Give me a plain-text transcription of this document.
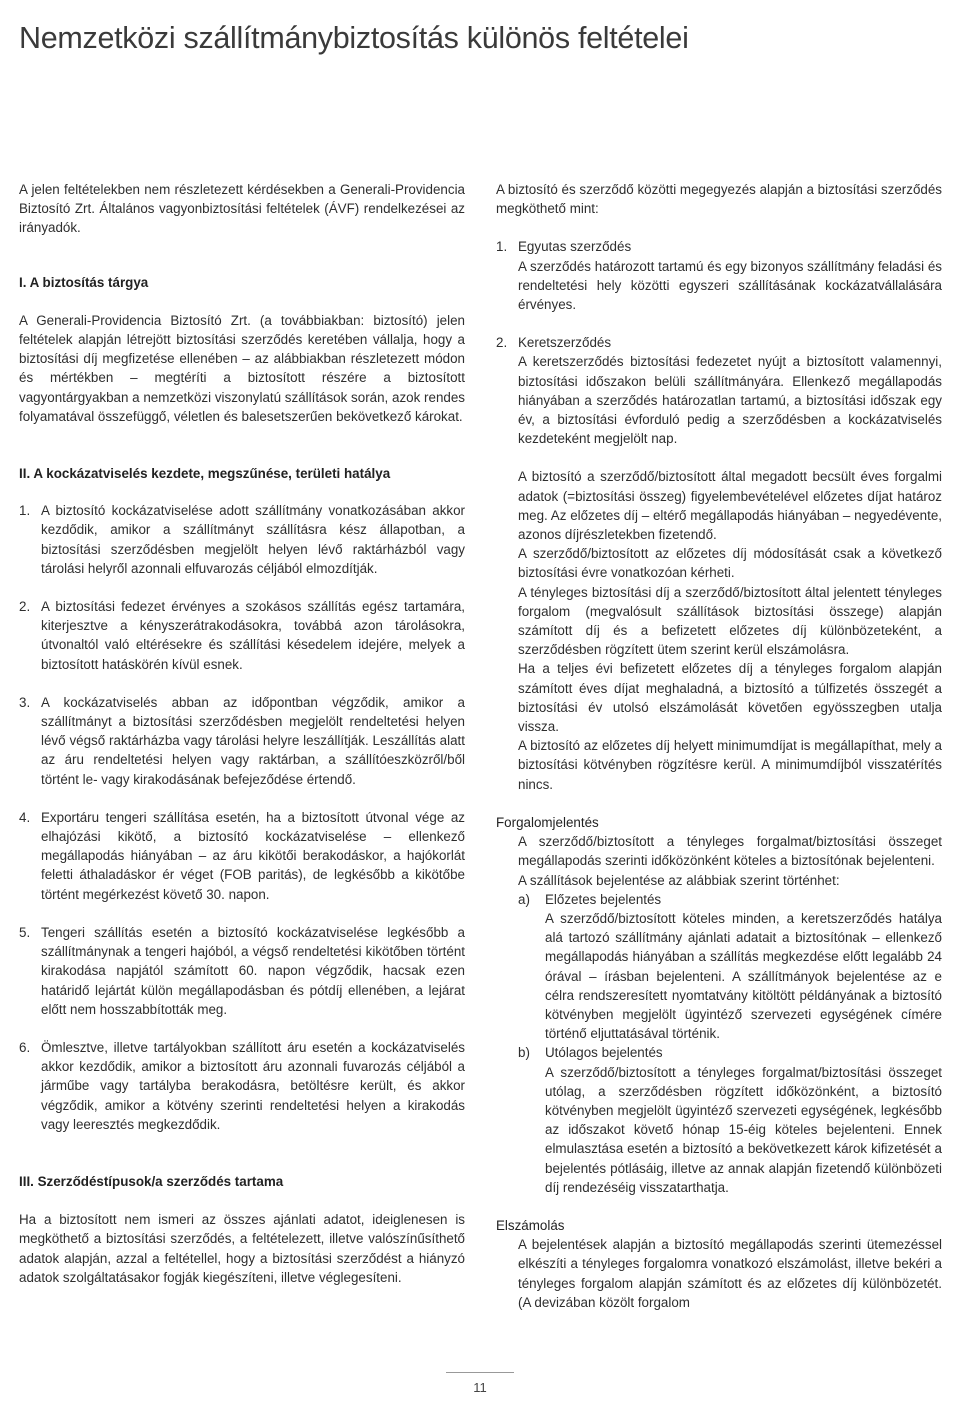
Nemzetközi szállítmánybiztosítás különös feltételei

A jelen feltételekben nem részletezett kérdésekben a Generali-Providencia Biztosító Zrt. Általános vagyonbiztosítási feltételek (ÁVF) rendelkezései az irányadók.

I. A biztosítás tárgya

A Generali-Providencia Biztosító Zrt. (a továbbiakban: biztosító) jelen feltételek alapján létrejött biztosítási szerződés keretében vállalja, hogy a biztosítási díj megfizetése ellenében – az alábbiakban részletezett módon és mértékben – megtéríti a biztosított részére a biztosított vagyontárgyakban a nemzetközi viszonylatú szállítások során, azok rendes folyamatával összefüggő, véletlen és balesetszerűen bekövetkező károkat.

II. A kockázatviselés kezdete, megszűnése, területi hatálya

1. A biztosító kockázatviselése adott szállítmány vonatkozásában akkor kezdődik, amikor a szállítmányt szállításra kész állapotban, a biztosítási szerződésben megjelölt helyen lévő raktárházból vagy tárolási helyről azonnali elfuvarozás céljából elmozdítják.
2. A biztosítási fedezet érvényes a szokásos szállítás egész tartamára, kiterjesztve a kényszerátrakodásokra, továbbá azon tárolásokra, útvonaltól való eltérésekre és szállítási késedelem idejére, melyek a biztosított hatáskörén kívül esnek.
3. A kockázatviselés abban az időpontban végződik, amikor a szállítmányt a biztosítási szerződésben megjelölt rendeltetési helyen lévő végső raktárházba vagy tárolási helyre leszállítják. Leszállítás alatt az áru rendeltetési helyen vagy raktárban, a szállítóeszközről/ből történt le- vagy kirakodásának befejeződése értendő.
4. Exportáru tengeri szállítása esetén, ha a biztosított útvonal vége az elhajózási kikötő, a biztosító kockázatviselése – ellenkező megállapodás hiányában – az áru kikötői berakodáskor, a hajókorlát feletti áthaladáskor ér véget (FOB paritás), de legkésőbb a kikötőbe történt megérkezést követő 30. napon.
5. Tengeri szállítás esetén a biztosító kockázatviselése legkésőbb a szállítmánynak a tengeri hajóból, a végső rendeltetési kikötőben történt kirakodása napjától számított 60. napon végződik, hacsak ezen határidő lejártát külön megállapodásban és pótdíj ellenében, a lejárat előtt nem hosszabbították meg.
6. Ömlesztve, illetve tartályokban szállított áru esetén a kockázatviselés akkor kezdődik, amikor a biztosított áru azonnali fuvarozás céljából a járműbe vagy tartályba berakodásra, betöltésre került, és akkor végződik, amikor a kötvény szerinti rendeltetési helyen a kirakodás vagy leeresztés megkezdődik.

III. Szerződéstípusok/a szerződés tartama

Ha a biztosított nem ismeri az összes ajánlati adatot, ideiglenesen is megköthető a biztosítási szerződés, a feltételezett, illetve valószínűsíthető adatok alapján, azzal a feltétellel, hogy a biztosítási szerződést a hiányzó adatok szolgáltatásakor fogják kiegészíteni, illetve véglegesíteni.

A biztosító és szerződő közötti megegyezés alapján a biztosítási szerződés megköthető mint:

1. Egyutas szerződés

A szerződés határozott tartamú és egy bizonyos szállítmány feladási és rendeltetési hely közötti egyszeri szállításának kockázatvállalására érvényes.

2. Keretszerződés

A keretszerződés biztosítási fedezetet nyújt a biztosított valamennyi, biztosítási időszakon belüli szállítmányára. Ellenkező megállapodás hiányában a szerződés határozatlan tartamú, a biztosítási időszak egy év, a biztosítási évforduló pedig a szerződésben a kockázatviselés kezdeteként megjelölt nap.

A biztosító a szerződő/biztosított által megadott becsült éves forgalmi adatok (=biztosítási összeg) figyelembevételével előzetes díjat határoz meg. Az előzetes díj – eltérő megállapodás hiányában – negyedévente, azonos díjrészletekben fizetendő.

A szerződő/biztosított az előzetes díj módosítását csak a következő biztosítási évre vonatkozóan kérheti.

A tényleges biztosítási díj a szerződő/biztosított által jelentett tényleges forgalom (megvalósult szállítások biztosítási összege) alapján számított díj és a befizetett előzetes díj különbözeteként, a szerződésben rögzített ütem szerint kerül elszámolásra.

Ha a teljes évi befizetett előzetes díj a tényleges forgalom alapján számított éves díjat meghaladná, a biztosító a túlfizetés összegét a biztosítási év utolsó elszámolását követően egyösszegben utalja vissza.

A biztosító az előzetes díj helyett minimumdíjat is megállapíthat, mely a biztosítási kötvényben rögzítésre kerül. A minimumdíjból visszatérítés nincs.

Forgalomjelentés

A szerződő/biztosított a tényleges forgalmat/biztosítási összeget megállapodás szerinti időközönként köteles a biztosítónak bejelenteni.

A szállítások bejelentése az alábbiak szerint történhet:

a)	Előzetes bejelentés

A szerződő/biztosított köteles minden, a keretszerződés hatálya alá tartozó szállítmány ajánlati adatait a biztosítónak – ellenkező megállapodás hiányában a szállítás megkezdése előtt legalább 24 órával – írásban bejelenteni. A szállítmányok bejelentése az e célra rendszeresített nyomtatvány kitöltött példányának a biztosító kötvényben megjelölt ügyintéző szervezeti egységének címére történő eljuttatásával történik.

b)	Utólagos bejelentés

A szerződő/biztosított a tényleges forgalmat/biztosítási összeget utólag, a szerződésben rögzített időközönként, a biztosító kötvényben megjelölt ügyintéző szervezeti egységének, legkésőbb az időszakot követő hónap 15-éig köteles bejelenteni. Ennek elmulasztása esetén a biztosító a bekövetkezett károk kifizetését a bejelentés pótlásáig, illetve az annak alapján fizetendő különbözeti díj rendezéséig visszatarthatja.

Elszámolás

A bejelentések alapján a biztosító megállapodás szerinti ütemezéssel elkészíti a tényleges forgalomra vonatkozó elszámolást, illetve bekéri a tényleges forgalom alapján számított és az előzetes díj különbözetét. (A devizában közölt forgalom

11
